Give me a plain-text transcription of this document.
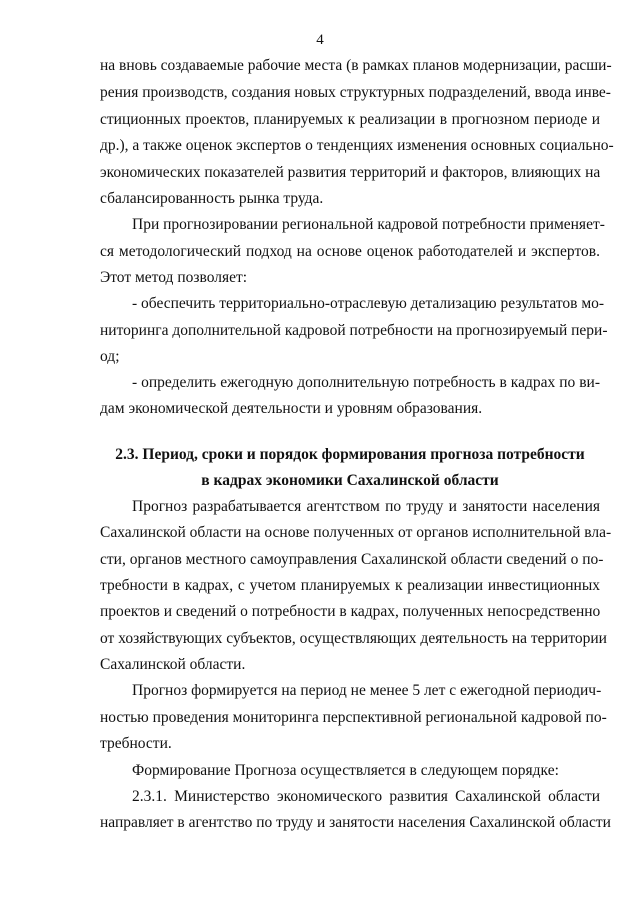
4
на вновь создаваемые рабочие места (в рамках планов модернизации, расши-
рения производств, создания новых структурных подразделений, ввода инве-
стиционных проектов, планируемых к реализации в прогнозном периоде и
др.), а также оценок экспертов о тенденциях изменения основных социально-
экономических показателей развития территорий и факторов, влияющих на
сбалансированность рынка труда.
При прогнозировании региональной кадровой потребности применяет-
ся методологический подход на основе оценок работодателей и экспертов.
Этот метод позволяет:
- обеспечить территориально-отраслевую детализацию результатов мо-
ниторинга дополнительной кадровой потребности на прогнозируемый пери-
од;
- определить ежегодную дополнительную потребность в кадрах по ви-
дам экономической деятельности и уровням образования.
2.3. Период, сроки и порядок формирования прогноза потребности
в кадрах экономики Сахалинской области
Прогноз разрабатывается агентством по труду и занятости населения
Сахалинской области на основе полученных от органов исполнительной вла-
сти, органов местного самоуправления Сахалинской области сведений о по-
требности в кадрах, с учетом планируемых к реализации инвестиционных
проектов и сведений о потребности в кадрах, полученных непосредственно
от хозяйствующих субъектов, осуществляющих деятельность на территории
Сахалинской области.
Прогноз формируется на период не менее 5 лет с ежегодной периодич-
ностью проведения мониторинга перспективной региональной кадровой по-
требности.
Формирование Прогноза осуществляется в следующем порядке:
2.3.1. Министерство экономического развития Сахалинской области
направляет в агентство по труду и занятости населения Сахалинской области
